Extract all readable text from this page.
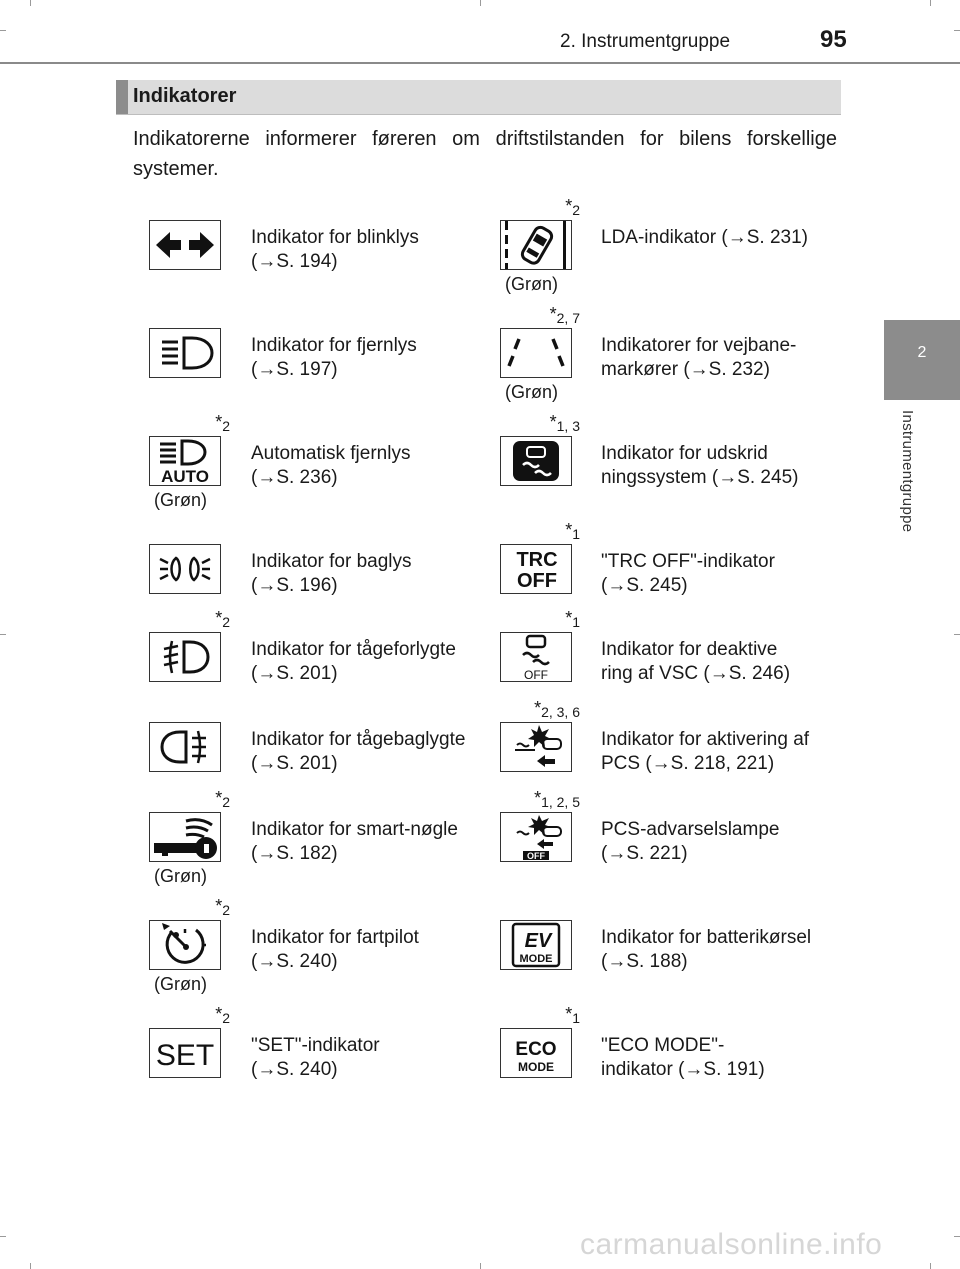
2. Instrumentgruppe	95
2
Instrumentgruppe
Indikatorer
Indikatorerne informerer føreren om driftstilstanden for bilens forskellige systemer.
Indikator for blinklys
(→S. 194)
Indikator for fjernlys
(→S. 197)
*2
AUTO
(Grøn)
Automatisk fjernlys
(→S. 236)
Indikator for baglys
(→S. 196)
*2
Indikator for tågeforlygte
(→S. 201)
Indikator for tågebaglygte
(→S. 201)
*2
(Grøn)
Indikator for smart-nøgle
(→S. 182)
*2
(Grøn)
Indikator for fartpilot
(→S. 240)
*2
SET "SET"-indikator
(→S. 240)
*2
(Grøn)
LDA-indikator (→S. 231)
*2, 7
(Grøn)
Indikatorer for vejbane-
markører (→S. 232)
*1, 3
Indikator for udskrid
ningssystem (→S. 245)
*1
TRC
OFF
"TRC OFF"-indikator
(→S. 245)
*1
OFF
Indikator for deaktive
ring af VSC (→S. 246)
*2, 3, 6
Indikator for aktivering af
PCS (→S. 218, 221)
*1, 2, 5
OFF
PCS-advarselslampe
(→S. 221)
EV
MODE
Indikator for batterikørsel
(→S. 188)
*1
ECO
MODE
"ECO MODE"-
indikator (→S. 191)
carmanualsonline.info
